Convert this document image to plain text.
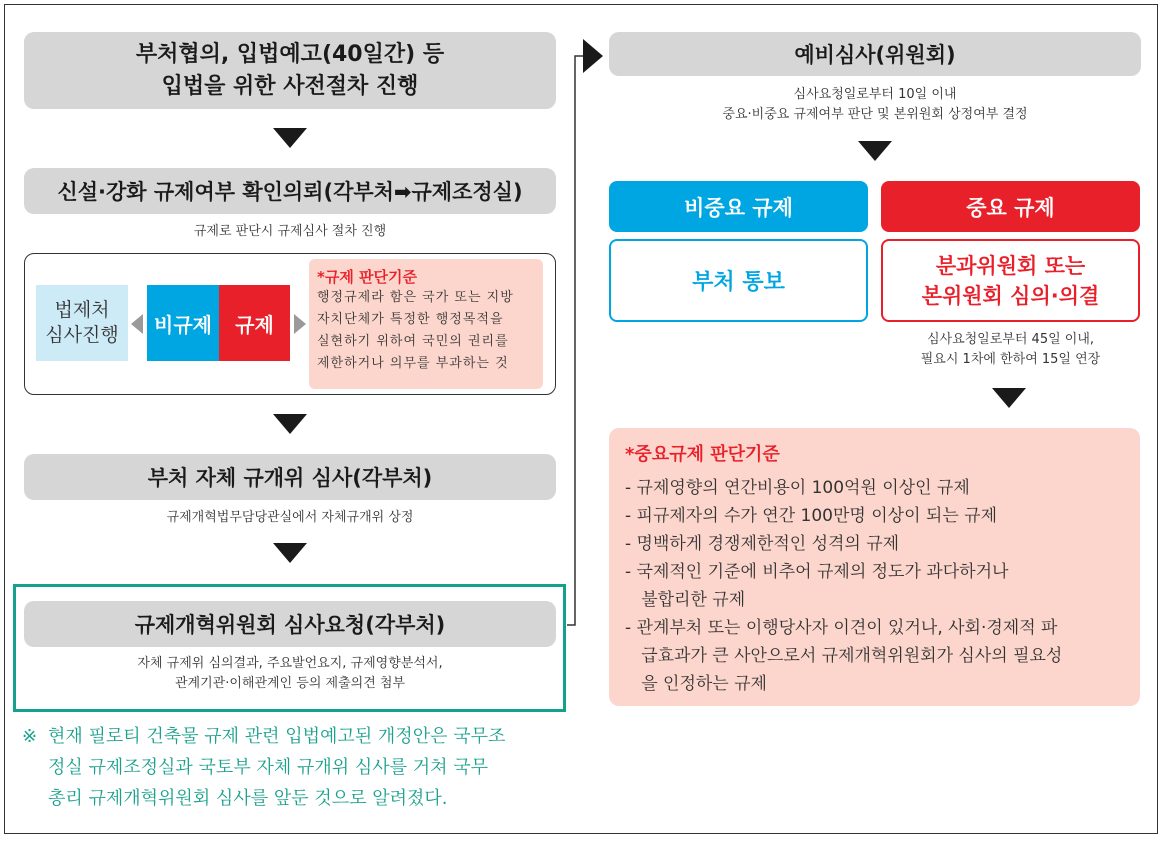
부처협의, 입법예고(40일간) 등
입법을 위한 사전절차 진행
신설·강화 규제여부 확인의뢰(각부처➡규제조정실)
규제로 판단시 규제심사 절차 진행
법제처
심사진행 비규제 규제
*규제 판단기준
행정규제라 함은 국가 또는 지방
자치단체가 특정한 행정목적을
실현하기 위하여 국민의 권리를
제한하거나 의무를 부과하는 것
부처 자체 규개위 심사(각부처)
규제개혁법무담당관실에서 자체규개위 상정
규제개혁위원회 심사요청(각부처)
자체 규제위 심의결과, 주요발언요지, 규제영향분석서,
관계기관·이해관계인 등의 제출의견 첨부
※ 현재 필로티 건축물 규제 관련 입법예고된 개정안은 국무조
정실 규제조정실과 국토부 자체 규개위 심사를 거쳐 국무
총리 규제개혁위원회 심사를 앞둔 것으로 알려졌다.
예비심사(위원회)
심사요청일로부터 10일 이내
중요·비중요 규제여부 판단 및 본위원회 상정여부 결정
비중요 규제	중요 규제
부처 통보
분과위원회 또는
본위원회 심의·의결
심사요청일로부터 45일 이내,
필요시 1차에 한하여 15일 연장
*중요규제 판단기준
- 규제영향의 연간비용이 100억원 이상인 규제
- 피규제자의 수가 연간 100만명 이상이 되는 규제
- 명백하게 경쟁제한적인 성격의 규제
- 국제적인 기준에 비추어 규제의 정도가 과다하거나
불합리한 규제
- 관계부처 또는 이행당사자 이견이 있거나, 사회·경제적 파
급효과가 큰 사안으로서 규제개혁위원회가 심사의 필요성
을 인정하는 규제
